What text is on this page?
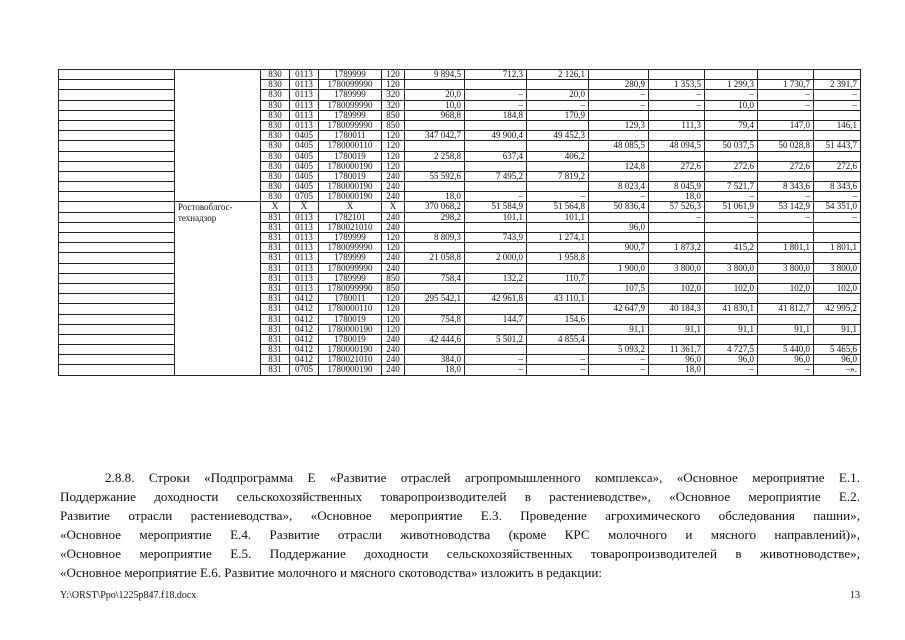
		830	0113	1789999	120	9 894,5	712,3	2 126,1					
		830	0113	1780099990	120				280,9	1 353,5	1 299,3	1 730,7	2 391,7
		830	0113	1789999	320	20,0	–	20,0	–	–	–	–	–
		830	0113	1780099990	320	10,0	–	–	–	–	10,0	–	–
		830	0113	1789999	850	968,8	184,8	170,9					
		830	0113	1780099990	850				129,3	111,3	79,4	147,0	146,1
		830	0405	1780011	120	347 042,7	49 900,4	49 452,3					
		830	0405	1780000110	120				48 085,5	48 094,5	50 037,5	50 028,8	51 443,7
		830	0405	1780019	120	2 258,8	637,4	406,2					
		830	0405	1780000190	120				124,8	272,6	272,6	272,6	272,6
		830	0405	1780019	240	55 592,6	7 495,2	7 819,2					
		830	0405	1780000190	240				8 023,4	8 045,9	7 521,7	8 343,6	8 343,6
		830	0705	1780000190	240	18,0	–	–	–	18,0	–	–	–
	Ростовоблгос-технадзор	Х	Х	Х	Х	370 068,2	51 584,9	51 564,8	50 836,4	57 526,3	51 061,9	53 142,9	54 351,0
		831	0113	1782101	240	298,2	101,1	101,1		–	–	–	–
		831	0113	1780021010	240				96,0				
		831	0113	1789999	120	8 809,3	743,9	1 274,1					
		831	0113	1780099990	120				900,7	1 873,2	415,2	1 801,1	1 801,1
		831	0113	1789999	240	21 058,8	2 000,0	1 958,8					
		831	0113	1780099990	240				1 900,0	3 800,0	3 800,0	3 800,0	3 800,0
		831	0113	1789999	850	758,4	132,2	110,7					
		831	0113	1780099990	850				107,5	102,0	102,0	102,0	102,0
		831	0412	1780011	120	295 542,1	42 961,8	43 110,1					
		831	0412	1780000110	120				42 647,9	40 184,3	41 830,1	41 812,7	42 995,2
		831	0412	1780019	120	754,8	144,7	154,6					
		831	0412	1780000190	120				91,1	91,1	91,1	91,1	91,1
		831	0412	1780019	240	42 444,6	5 501,2	4 855,4					
		831	0412	1780000190	240				5 093,2	11 361,7	4 727,5	5 440,0	5 465,6
		831	0412	1780021010	240	384,0	–	–	–	96,0	96,0	96,0	96,0
		831	0705	1780000190	240	18,0	–	–	–	18,0	–	–	–».
2.8.8. Строки «Подпрограмма Е «Развитие отраслей агропромышленного комплекса», «Основное мероприятие Е.1.
Поддержание доходности сельскохозяйственных товаропроизводителей в растениеводстве», «Основное мероприятие Е.2.
Развитие отрасли растениеводства», «Основное мероприятие Е.3. Проведение агрохимического обследования пашни»,
«Основное мероприятие Е.4. Развитие отрасли животноводства (кроме КРС молочного и мясного направлений)»,
«Основное мероприятие Е.5. Поддержание доходности сельскохозяйственных товаропроизводителей в животноводстве»,
«Основное мероприятие Е.6. Развитие молочного и мясного скотоводства» изложить в редакции:
Y:\ORST\Ppo\1225p847.f18.docx	13
